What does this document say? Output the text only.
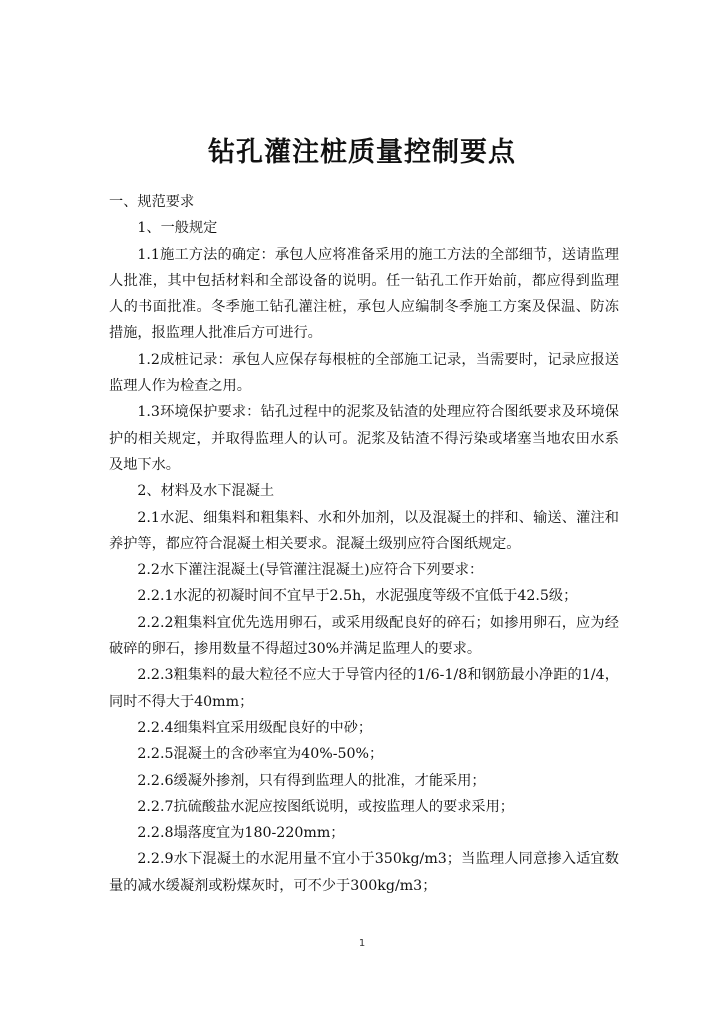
钻孔灌注桩质量控制要点

一、规范要求

1、一般规定

1.1施工方法的确定：承包人应将准备采用的施工方法的全部细节，送请监理人批准，其中包括材料和全部设备的说明。任一钻孔工作开始前，都应得到监理人的书面批准。冬季施工钻孔灌注桩，承包人应编制冬季施工方案及保温、防冻措施，报监理人批准后方可进行。

1.2成桩记录：承包人应保存每根桩的全部施工记录，当需要时，记录应报送监理人作为检查之用。

1.3环境保护要求：钻孔过程中的泥浆及钻渣的处理应符合图纸要求及环境保护的相关规定，并取得监理人的认可。泥浆及钻渣不得污染或堵塞当地农田水系及地下水。

2、材料及水下混凝土

2.1水泥、细集料和粗集料、水和外加剂，以及混凝土的拌和、输送、灌注和养护等，都应符合混凝土相关要求。混凝土级别应符合图纸规定。

2.2水下灌注混凝土(导管灌注混凝土)应符合下列要求：

2.2.1水泥的初凝时间不宜早于2.5h，水泥强度等级不宜低于42.5级；

2.2.2粗集料宜优先选用卵石，或采用级配良好的碎石；如掺用卵石，应为经破碎的卵石，掺用数量不得超过30%并满足监理人的要求。

2.2.3粗集料的最大粒径不应大于导管内径的1/6-1/8和钢筋最小净距的1/4，同时不得大于40mm；

2.2.4细集料宜采用级配良好的中砂；

2.2.5混凝土的含砂率宜为40%-50%；

2.2.6缓凝外掺剂，只有得到监理人的批准，才能采用；

2.2.7抗硫酸盐水泥应按图纸说明，或按监理人的要求采用；

2.2.8塌落度宜为180-220mm；

2.2.9水下混凝土的水泥用量不宜小于350kg/m3；当监理人同意掺入适宜数量的减水缓凝剂或粉煤灰时，可不少于300kg/m3；

1
